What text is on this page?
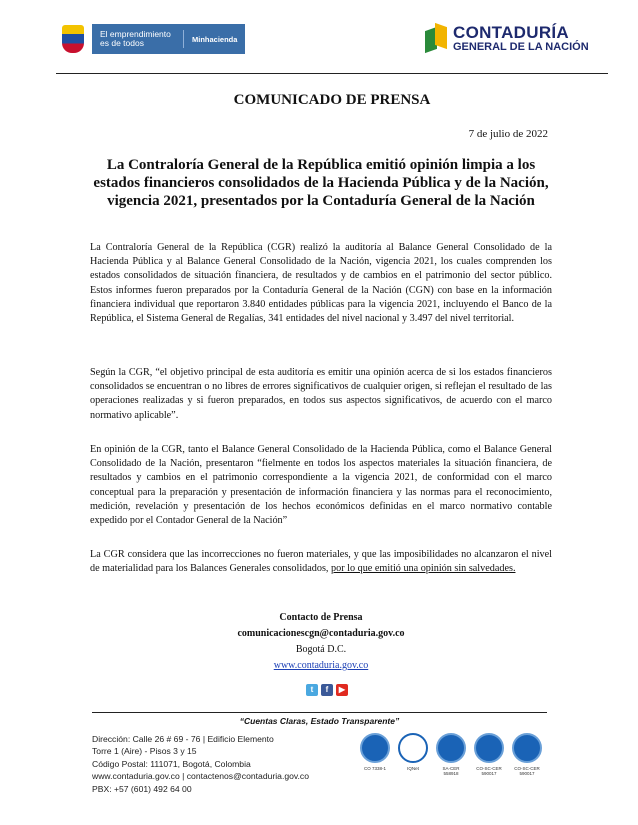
El emprendimiento es de todos	Minhacienda	CONTADURÍA
GENERAL DE LA NACIÓN
COMUNICADO DE PRENSA
7 de julio de 2022
La Contraloría General de la República emitió opinión limpia a los estados financieros consolidados de la Hacienda Pública y de la Nación, vigencia 2021, presentados por la Contaduría General de la Nación
La Contraloría General de la República (CGR) realizó la auditoría al Balance General Consolidado de la Hacienda Pública y al Balance General Consolidado de la Nación, vigencia 2021, los cuales comprenden los estados consolidados de situación financiera, de resultados y de cambios en el patrimonio del sector público. Estos informes fueron preparados por la Contaduría General de la Nación (CGN) con base en la información financiera individual que reportaron 3.840 entidades públicas para la vigencia 2021, incluyendo el Banco de la República, el Sistema General de Regalías, 341 entidades del nivel nacional y 3.497 del nivel territorial.
Según la CGR, “el objetivo principal de esta auditoría es emitir una opinión acerca de si los estados financieros consolidados se encuentran o no libres de errores significativos de cualquier origen, si reflejan el resultado de las operaciones realizadas y si fueron preparados, en todos sus aspectos significativos, de acuerdo con el marco normativo aplicable”.
En opinión de la CGR, tanto el Balance General Consolidado de la Hacienda Pública, como el Balance General Consolidado de la Nación, presentaron “fielmente en todos los aspectos materiales la situación financiera, de resultados y cambios en el patrimonio correspondiente a la vigencia 2021, de conformidad con el marco conceptual para la preparación y presentación de información financiera y las normas para el reconocimiento, medición, revelación y presentación de los hechos económicos definidas en el marco normativo contable expedido por el Contador General de la Nación”
La CGR considera que las incorrecciones no fueron materiales, y que las imposibilidades no alcanzaron el nivel de materialidad para los Balances Generales consolidados, por lo que emitió una opinión sin salvedades.
Contacto de Prensa
comunicacionescgn@contaduria.gov.co
Bogotá D.C.
www.contaduria.gov.co
t	f	▶
“Cuentas Claras, Estado Transparente”
Dirección: Calle 26 # 69 - 76 | Edificio Elemento
Torre 1 (Aire) - Pisos 3 y 15
Código Postal: 111071, Bogotá, Colombia
www.contaduria.gov.co | contactenos@contaduria.gov.co
PBX: +57 (601) 492 64 00
CO 7338-1	IQNet	SA-CER 558918
CO-SC-CER 590017
CO-SC-CER 590017
